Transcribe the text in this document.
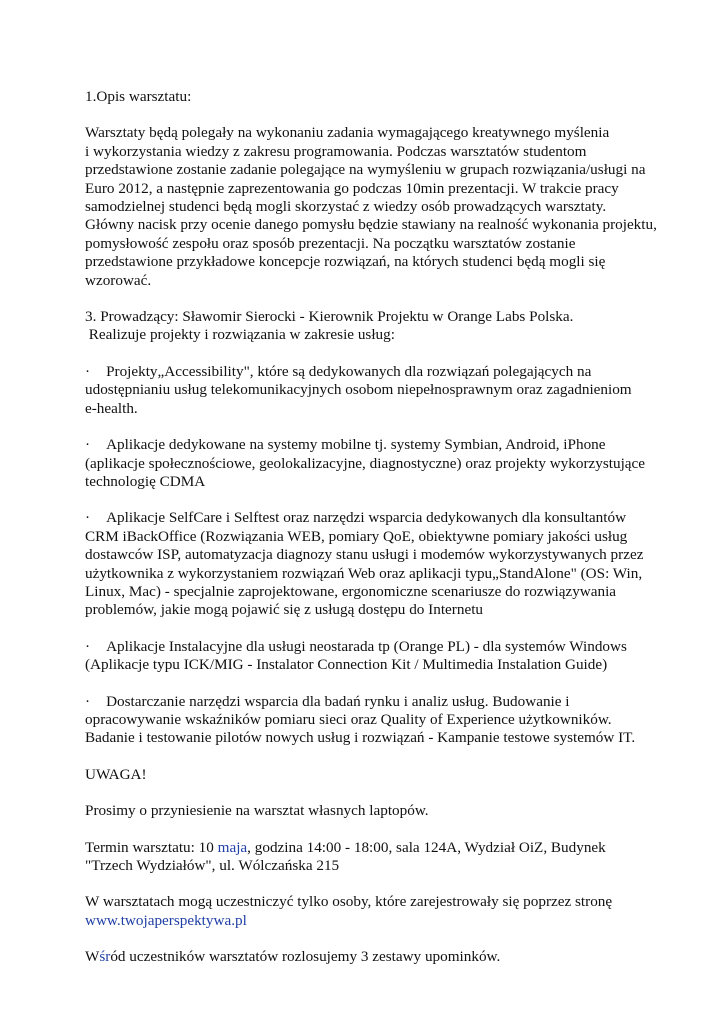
1.Opis warsztatu:

Warsztaty będą polegały na wykonaniu zadania wymagającego kreatywnego myślenia
i wykorzystania wiedzy z zakresu programowania. Podczas warsztatów studentom
przedstawione zostanie zadanie polegające na wymyśleniu w grupach rozwiązania/usługi na
Euro 2012, a następnie zaprezentowania go podczas 10min prezentacji. W trakcie pracy
samodzielnej studenci będą mogli skorzystać z wiedzy osób prowadzących warsztaty.
Główny nacisk przy ocenie danego pomysłu będzie stawiany na realność wykonania projektu,
pomysłowość zespołu oraz sposób prezentacji. Na początku warsztatów zostanie
przedstawione przykładowe koncepcje rozwiązań, na których studenci będą mogli się
wzorować.
3. Prowadzący: Sławomir Sierocki - Kierownik Projektu w Orange Labs Polska.
Realizuje projekty i rozwiązania w zakresie usług:
· Projekty„Accessibility", które są dedykowanych dla rozwiązań polegających na
udostępnianiu usług telekomunikacyjnych osobom niepełnosprawnym oraz zagadnieniom
e-health.
· Aplikacje dedykowane na systemy mobilne tj. systemy Symbian, Android, iPhone
(aplikacje społecznościowe, geolokalizacyjne, diagnostyczne) oraz projekty wykorzystujące
technologię CDMA
· Aplikacje SelfCare i Selftest oraz narzędzi wsparcia dedykowanych dla konsultantów
CRM iBackOffice (Rozwiązania WEB, pomiary QoE, obiektywne pomiary jakości usług
dostawców ISP, automatyzacja diagnozy stanu usługi i modemów wykorzystywanych przez
użytkownika z wykorzystaniem rozwiązań Web oraz aplikacji typu„StandAlone" (OS: Win,
Linux, Mac) - specjalnie zaprojektowane, ergonomiczne scenariusze do rozwiązywania
problemów, jakie mogą pojawić się z usługą dostępu do Internetu
· Aplikacje Instalacyjne dla usługi neostarada tp (Orange PL) - dla systemów Windows
(Aplikacje typu ICK/MIG - Instalator Connection Kit / Multimedia Instalation Guide)
· Dostarczanie narzędzi wsparcia dla badań rynku i analiz usług. Budowanie i
opracowywanie wskaźników pomiaru sieci oraz Quality of Experience użytkowników.
Badanie i testowanie pilotów nowych usług i rozwiązań - Kampanie testowe systemów IT.

UWAGA!

Prosimy o przyniesienie na warsztat własnych laptopów.

Termin warsztatu: 10 maja, godzina 14:00 - 18:00, sala 124A, Wydział OiZ, Budynek
"Trzech Wydziałów", ul. Wólczańska 215
W warsztatach mogą uczestniczyć tylko osoby, które zarejestrowały się poprzez stronę
www.twojaperspektywa.pl

Wśród uczestników warsztatów rozlosujemy 3 zestawy upominków.
